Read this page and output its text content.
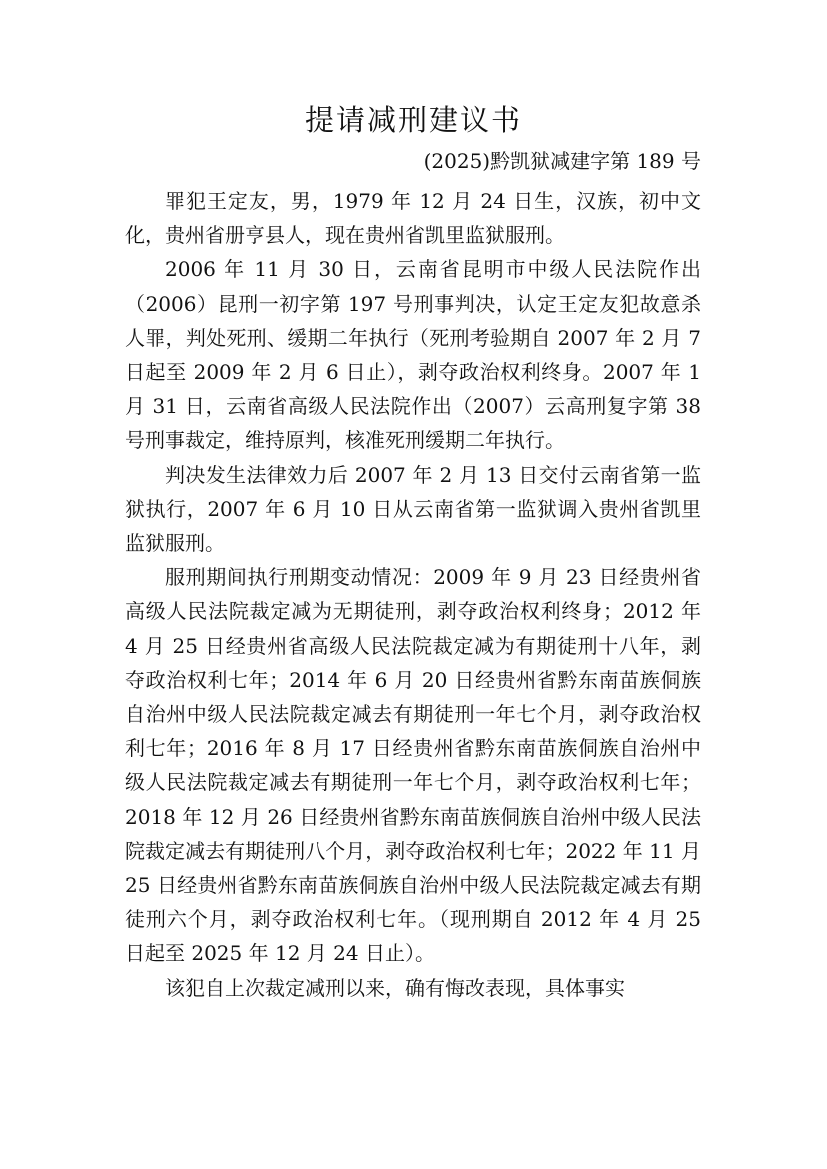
提请减刑建议书
(2025)黔凯狱减建字第 189 号

罪犯王定友，男，1979 年 12 月 24 日生，汉族，初中文化，贵州省册亨县人，现在贵州省凯里监狱服刑。

2006 年 11 月 30 日，云南省昆明市中级人民法院作出（2006）昆刑一初字第 197 号刑事判决，认定王定友犯故意杀人罪，判处死刑、缓期二年执行（死刑考验期自 2007 年 2 月 7 日起至 2009 年 2 月 6 日止），剥夺政治权利终身。2007 年 1 月 31 日，云南省高级人民法院作出（2007）云高刑复字第 38 号刑事裁定，维持原判，核准死刑缓期二年执行。

判决发生法律效力后 2007 年 2 月 13 日交付云南省第一监狱执行，2007 年 6 月 10 日从云南省第一监狱调入贵州省凯里监狱服刑。

服刑期间执行刑期变动情况：2009 年 9 月 23 日经贵州省高级人民法院裁定减为无期徒刑，剥夺政治权利终身；2012 年 4 月 25 日经贵州省高级人民法院裁定减为有期徒刑十八年，剥夺政治权利七年；2014 年 6 月 20 日经贵州省黔东南苗族侗族自治州中级人民法院裁定减去有期徒刑一年七个月，剥夺政治权利七年；2016 年 8 月 17 日经贵州省黔东南苗族侗族自治州中级人民法院裁定减去有期徒刑一年七个月，剥夺政治权利七年；2018 年 12 月 26 日经贵州省黔东南苗族侗族自治州中级人民法院裁定减去有期徒刑八个月，剥夺政治权利七年；2022 年 11 月 25 日经贵州省黔东南苗族侗族自治州中级人民法院裁定减去有期徒刑六个月，剥夺政治权利七年。（现刑期自 2012 年 4 月 25 日起至 2025 年 12 月 24 日止）。

该犯自上次裁定减刑以来，确有悔改表现，具体事实
